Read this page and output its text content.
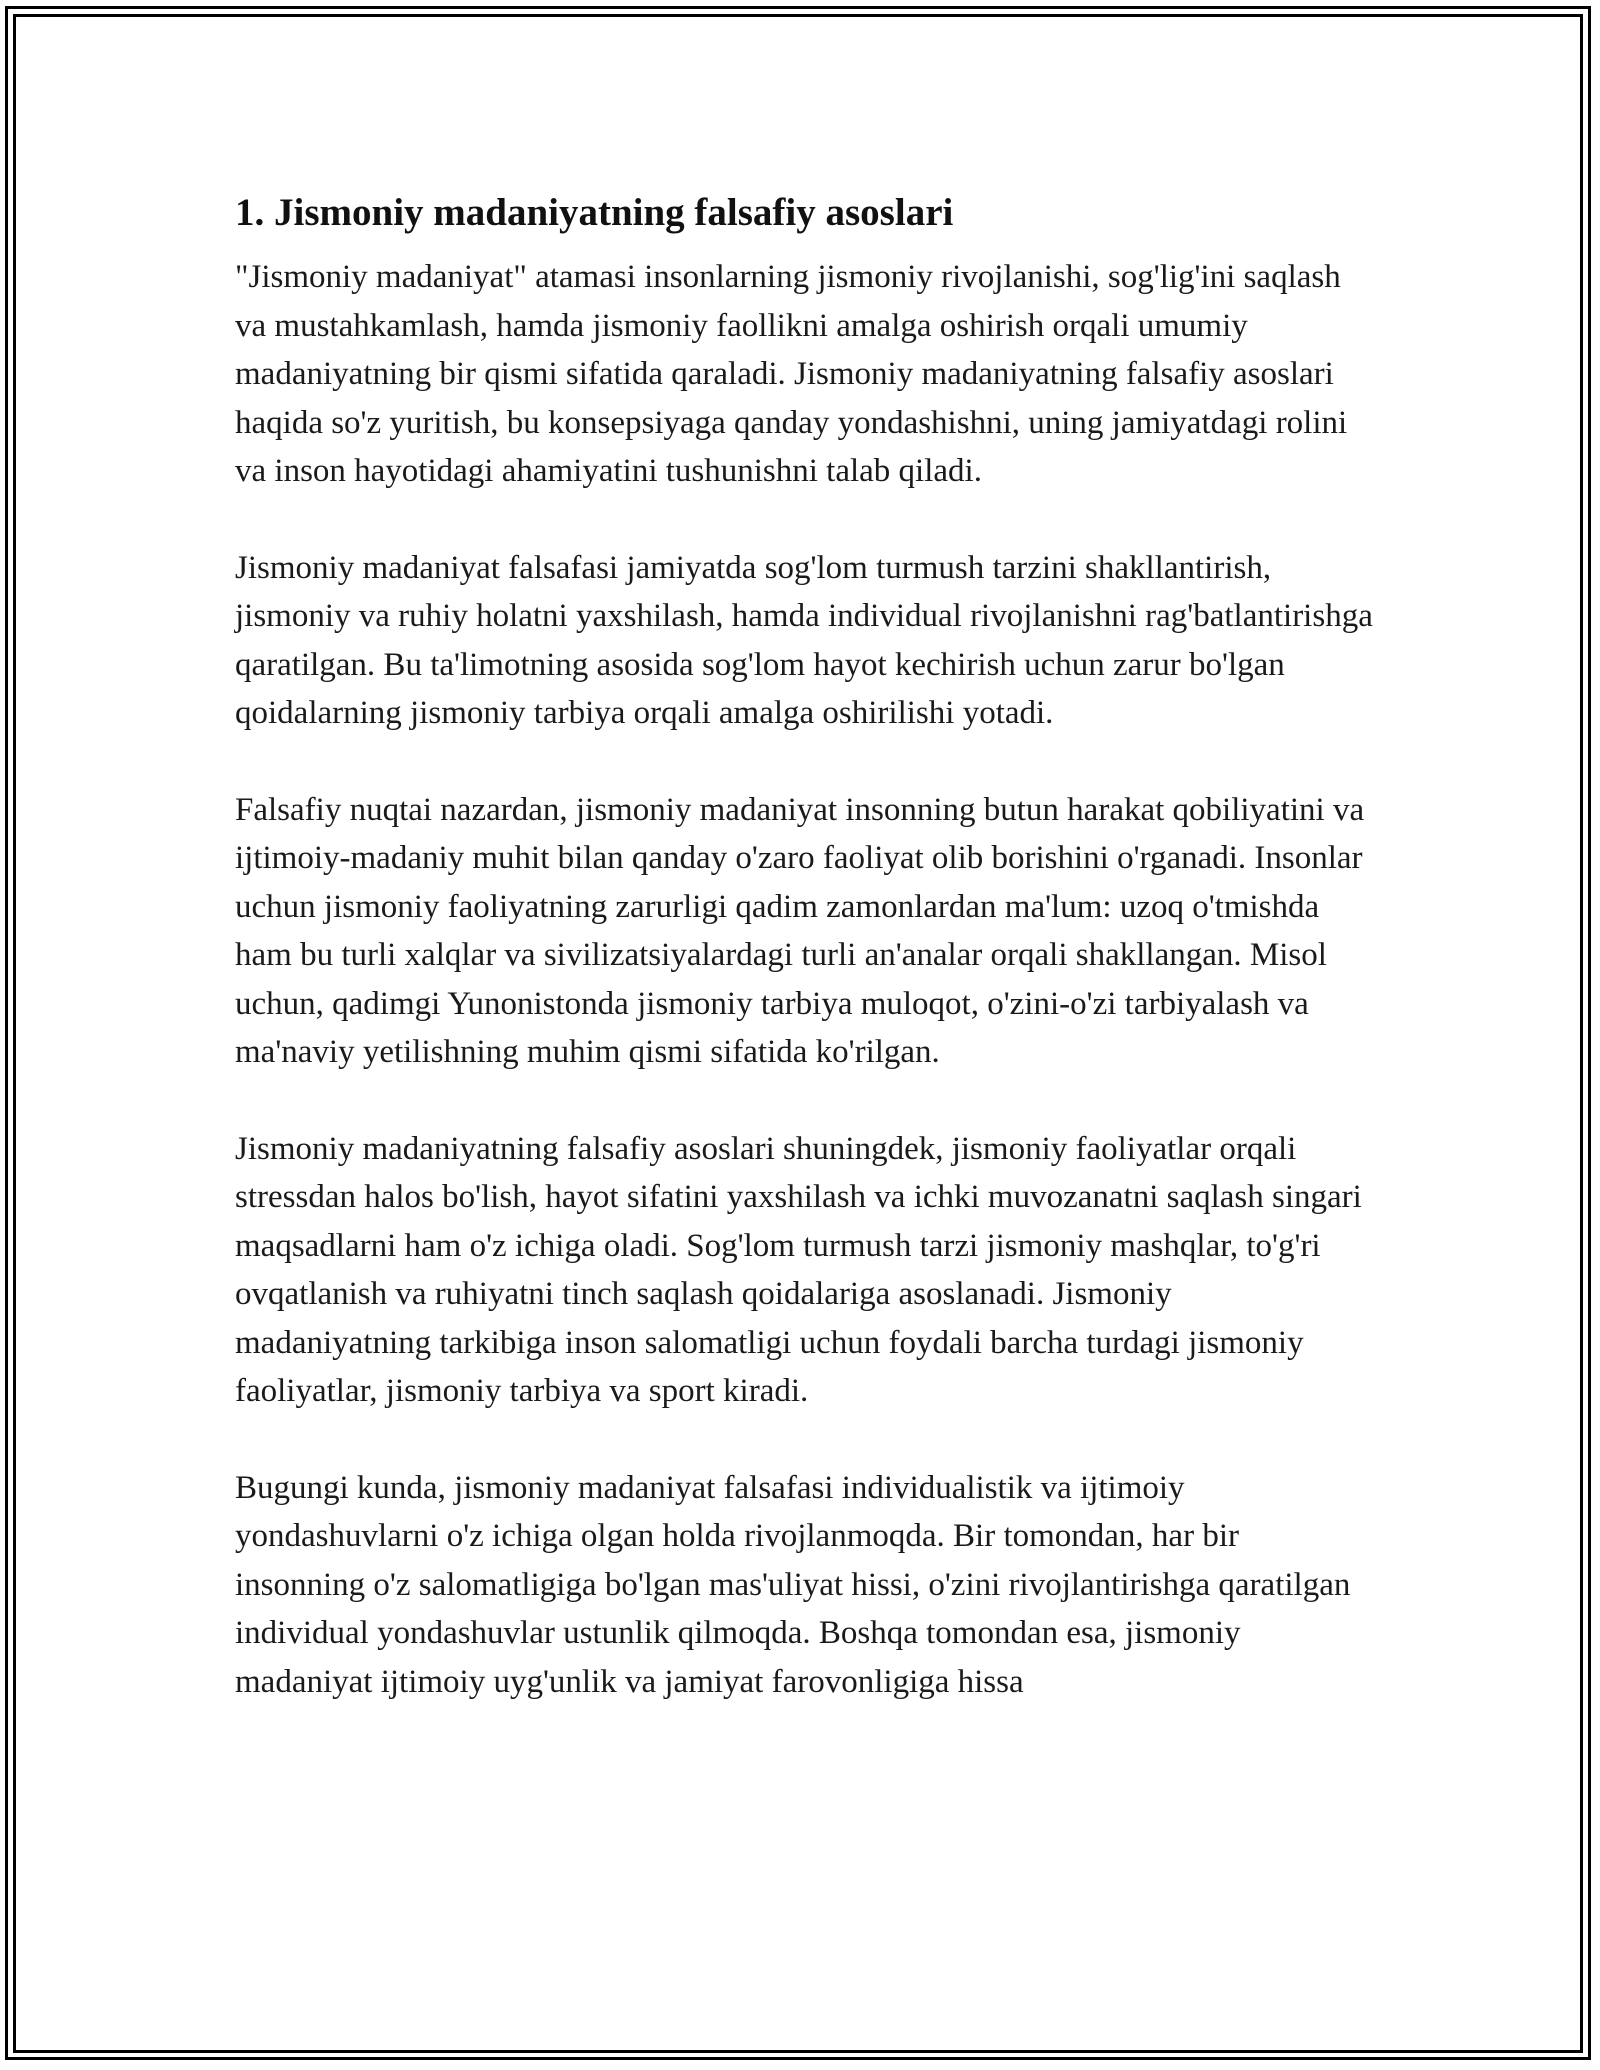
1. Jismoniy madaniyatning falsafiy asoslari

"Jismoniy madaniyat" atamasi insonlarning jismoniy rivojlanishi, sog'lig'ini saqlash va mustahkamlash, hamda jismoniy faollikni amalga oshirish orqali umumiy madaniyatning bir qismi sifatida qaraladi. Jismoniy madaniyatning falsafiy asoslari haqida so'z yuritish, bu konsepsiyaga qanday yondashishni, uning jamiyatdagi rolini va inson hayotidagi ahamiyatini tushunishni talab qiladi.

Jismoniy madaniyat falsafasi jamiyatda sog'lom turmush tarzini shakllantirish, jismoniy va ruhiy holatni yaxshilash, hamda individual rivojlanishni rag'batlantirishga qaratilgan. Bu ta'limotning asosida sog'lom hayot kechirish uchun zarur bo'lgan qoidalarning jismoniy tarbiya orqali amalga oshirilishi yotadi.

Falsafiy nuqtai nazardan, jismoniy madaniyat insonning butun harakat qobiliyatini va ijtimoiy-madaniy muhit bilan qanday o'zaro faoliyat olib borishini o'rganadi. Insonlar uchun jismoniy faoliyatning zarurligi qadim zamonlardan ma'lum: uzoq o'tmishda ham bu turli xalqlar va sivilizatsiyalardagi turli an'analar orqali shakllangan. Misol uchun, qadimgi Yunonistonda jismoniy tarbiya muloqot, o'zini-o'zi tarbiyalash va ma'naviy yetilishning muhim qismi sifatida ko'rilgan.

Jismoniy madaniyatning falsafiy asoslari shuningdek, jismoniy faoliyatlar orqali stressdan halos bo'lish, hayot sifatini yaxshilash va ichki muvozanatni saqlash singari maqsadlarni ham o'z ichiga oladi. Sog'lom turmush tarzi jismoniy mashqlar, to'g'ri ovqatlanish va ruhiyatni tinch saqlash qoidalariga asoslanadi. Jismoniy madaniyatning tarkibiga inson salomatligi uchun foydali barcha turdagi jismoniy faoliyatlar, jismoniy tarbiya va sport kiradi.

Bugungi kunda, jismoniy madaniyat falsafasi individualistik va ijtimoiy yondashuvlarni o'z ichiga olgan holda rivojlanmoqda. Bir tomondan, har bir insonning o'z salomatligiga bo'lgan mas'uliyat hissi, o'zini rivojlantirishga qaratilgan individual yondashuvlar ustunlik qilmoqda. Boshqa tomondan esa, jismoniy madaniyat ijtimoiy uyg'unlik va jamiyat farovonligiga hissa
